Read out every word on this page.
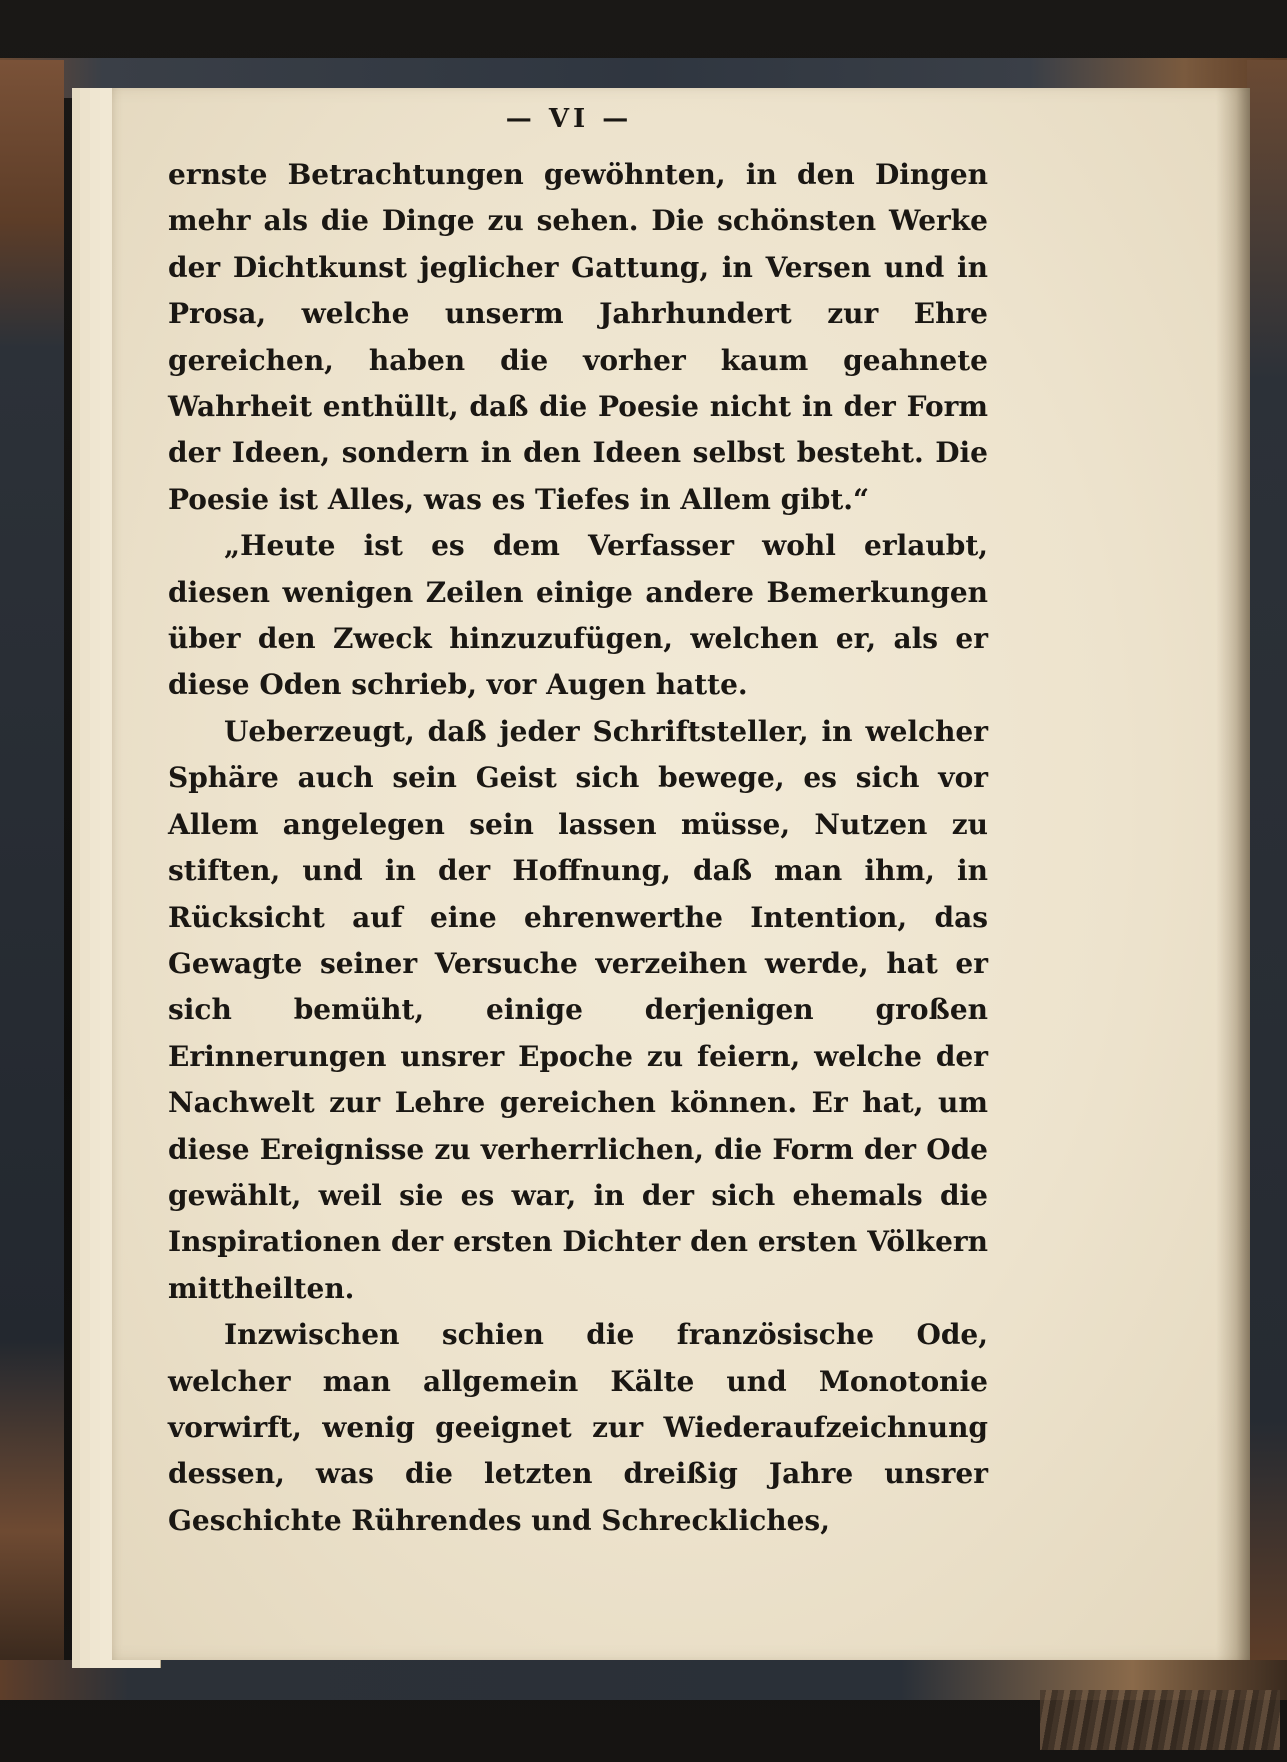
— VI —

ernste Betrachtungen gewöhnten, in den Dingen mehr als die Dinge zu sehen. Die schönsten Werke der Dichtkunst jeglicher Gattung, in Versen und in Prosa, welche unserm Jahrhundert zur Ehre gereichen, haben die vorher kaum geahnete Wahrheit enthüllt, daß die Poesie nicht in der Form der Ideen, sondern in den Ideen selbst besteht. Die Poesie ist Alles, was es Tiefes in Allem gibt.“

„Heute ist es dem Verfasser wohl erlaubt, diesen wenigen Zeilen einige andere Bemerkungen über den Zweck hinzuzufügen, welchen er, als er diese Oden schrieb, vor Augen hatte.

Ueberzeugt, daß jeder Schriftsteller, in welcher Sphäre auch sein Geist sich bewege, es sich vor Allem angelegen sein lassen müsse, Nutzen zu stiften, und in der Hoffnung, daß man ihm, in Rücksicht auf eine ehrenwerthe Intention, das Gewagte seiner Versuche verzeihen werde, hat er sich bemüht, einige derjenigen großen Erinnerungen unsrer Epoche zu feiern, welche der Nachwelt zur Lehre gereichen können. Er hat, um diese Ereignisse zu verherrlichen, die Form der Ode gewählt, weil sie es war, in der sich ehemals die Inspirationen der ersten Dichter den ersten Völkern mittheilten.

Inzwischen schien die französische Ode, welcher man allgemein Kälte und Monotonie vorwirft, wenig geeignet zur Wiederaufzeichnung dessen, was die letzten dreißig Jahre unsrer Geschichte Rührendes und Schreckliches,
